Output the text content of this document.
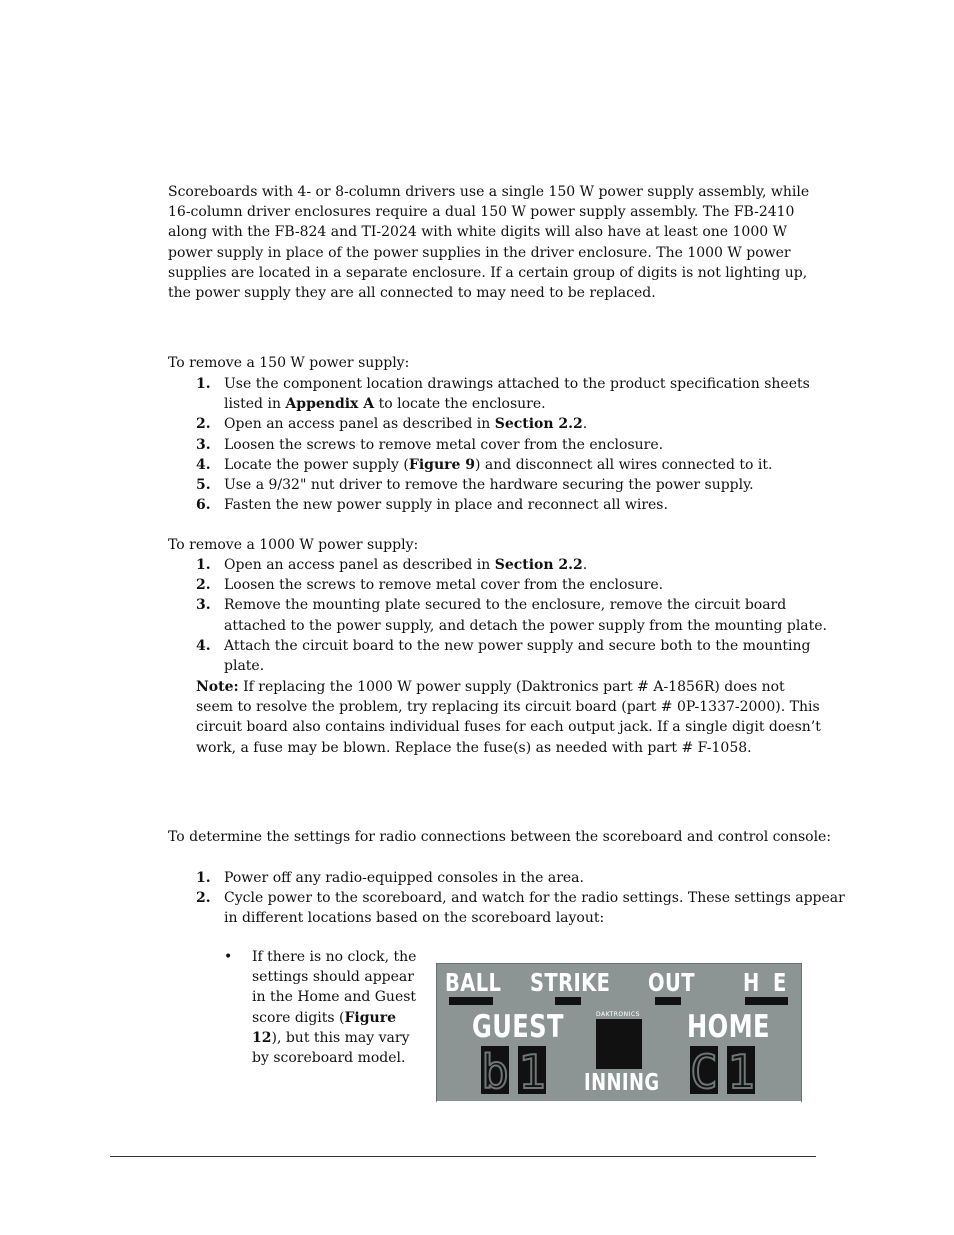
Scoreboards with 4- or 8-column drivers use a single 150 W power supply assembly, while 16-column driver enclosures require a dual 150 W power supply assembly. The FB-2410 along with the FB-824 and TI-2024 with white digits will also have at least one 1000 W power supply in place of the power supplies in the driver enclosure. The 1000 W power supplies are located in a separate enclosure. If a certain group of digits is not lighting up, the power supply they are all connected to may need to be replaced.

To remove a 150 W power supply:

1. Use the component location drawings attached to the product specification sheets listed in Appendix A to locate the enclosure.
2. Open an access panel as described in Section 2.2.
3. Loosen the screws to remove metal cover from the enclosure.
4. Locate the power supply (Figure 9) and disconnect all wires connected to it.
5. Use a 9/32" nut driver to remove the hardware securing the power supply.
6. Fasten the new power supply in place and reconnect all wires.

To remove a 1000 W power supply:

1. Open an access panel as described in Section 2.2.
2. Loosen the screws to remove metal cover from the enclosure.
3. Remove the mounting plate secured to the enclosure, remove the circuit board attached to the power supply, and detach the power supply from the mounting plate.
4. Attach the circuit board to the new power supply and secure both to the mounting plate.

Note: If replacing the 1000 W power supply (Daktronics part # A-1856R) does not seem to resolve the problem, try replacing its circuit board (part # 0P-1337-2000). This circuit board also contains individual fuses for each output jack. If a single digit doesn’t work, a fuse may be blown. Replace the fuse(s) as needed with part # F-1058.

To determine the settings for radio connections between the scoreboard and control console:

1. Power off any radio-equipped consoles in the area.
2. Cycle power to the scoreboard, and watch for the radio settings. These settings appear in different locations based on the scoreboard layout:
• If there is no clock, the settings should appear in the Home and Guest score digits (Figure 12), but this may vary by scoreboard model.
BALL STRIKE OUT H E
GUEST	HOME
DAKTRONICS
INNING
b 1	C 1
